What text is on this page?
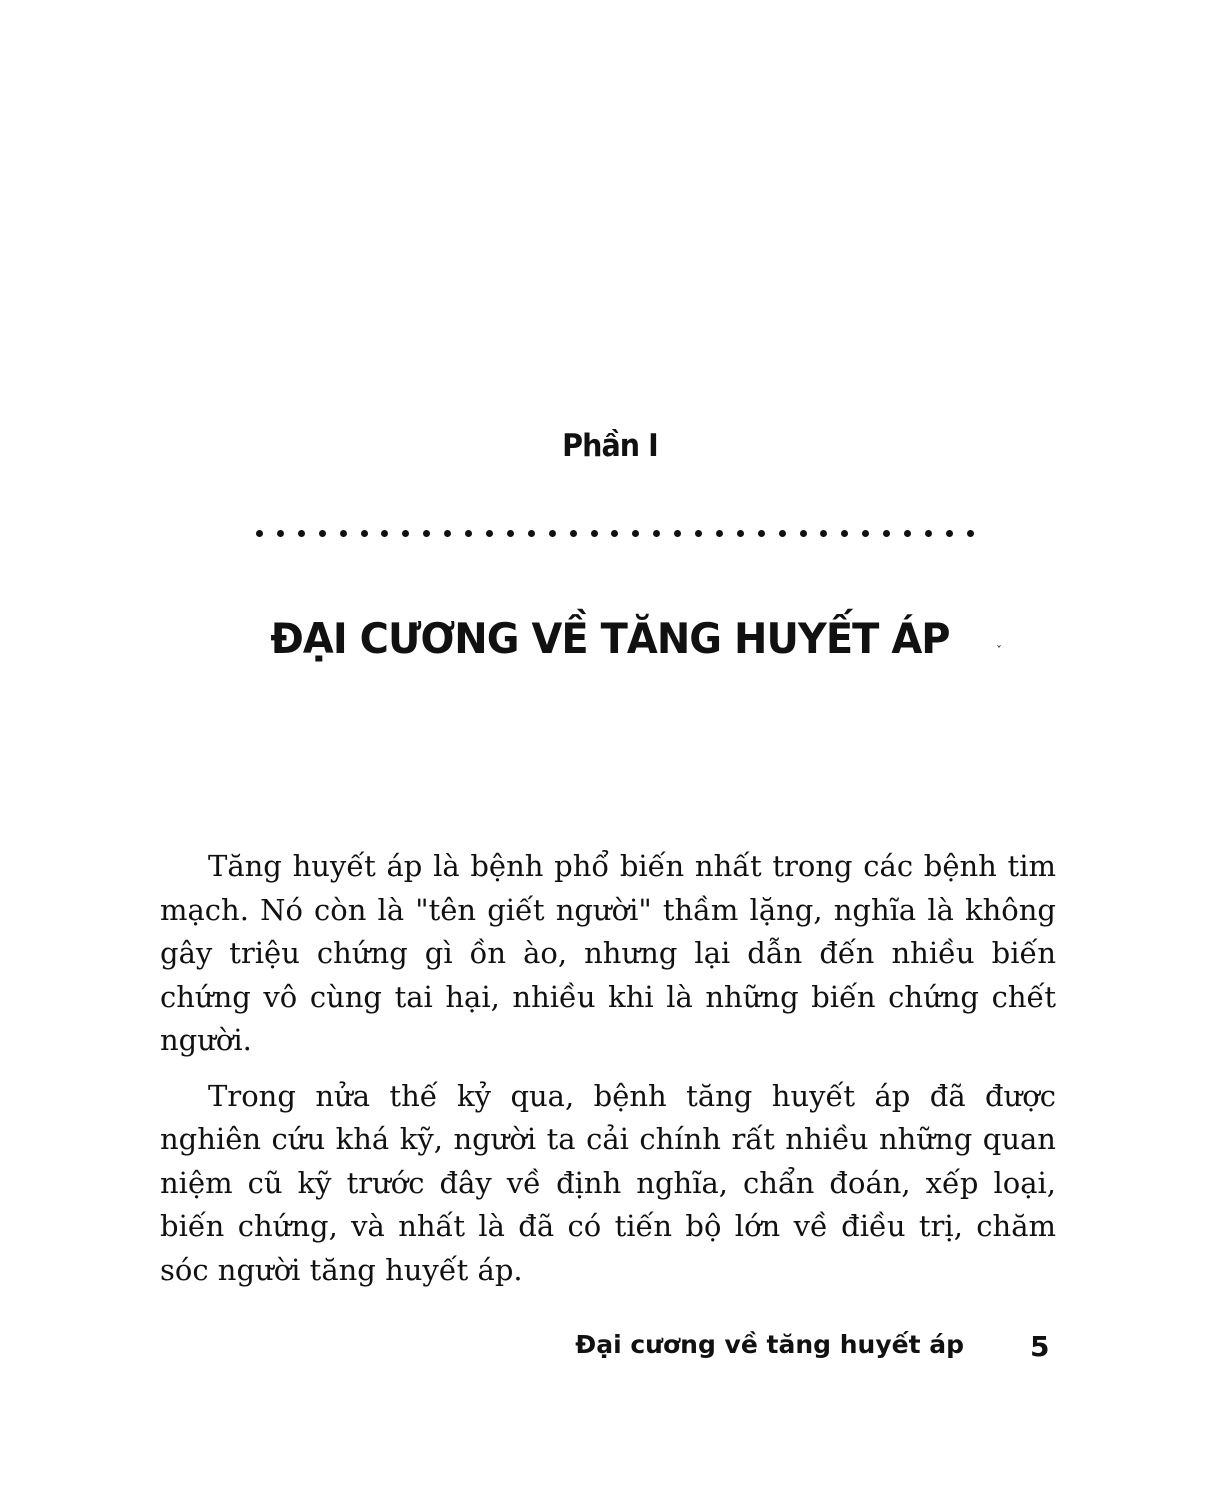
Phần I
ĐẠI CƯƠNG VỀ TĂNG HUYẾT ÁP	ˇ

Tăng huyết áp là bệnh phổ biến nhất trong các bệnh tim mạch. Nó còn là "tên giết người" thầm lặng, nghĩa là không gây triệu chứng gì ồn ào, nhưng lại dẫn đến nhiều biến chứng vô cùng tai hại, nhiều khi là những biến chứng chết người.

Trong nửa thế kỷ qua, bệnh tăng huyết áp đã được nghiên cứu khá kỹ, người ta cải chính rất nhiều những quan niệm cũ kỹ trước đây về định nghĩa, chẩn đoán, xếp loại, biến chứng, và nhất là đã có tiến bộ lớn về điều trị, chăm sóc người tăng huyết áp.

Đại cương về tăng huyết áp 5
